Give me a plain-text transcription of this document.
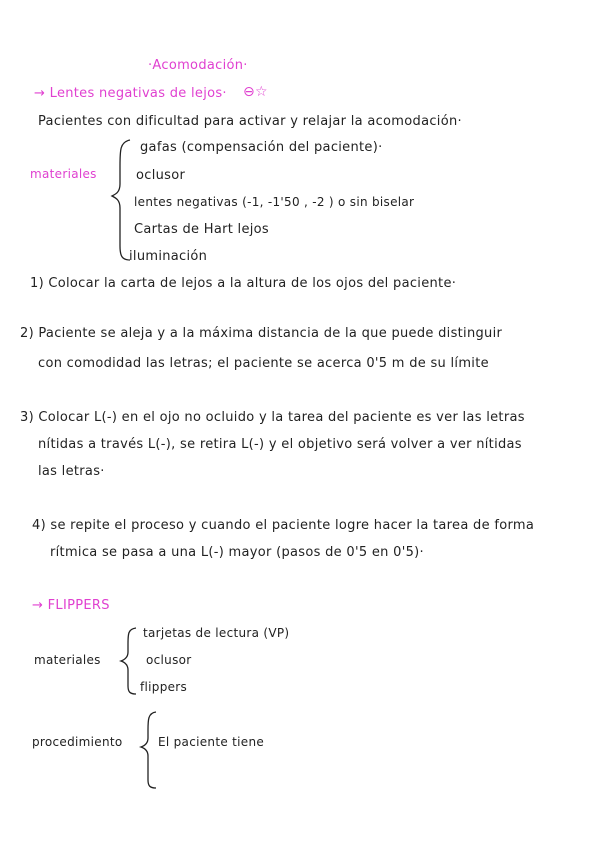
·Acomodación·
→ Lentes negativas de lejos· ⊖☆
Pacientes con dificultad para activar y relajar la acomodación·
materiales
gafas (compensación del paciente)·
oclusor
lentes negativas (-1, -1'50 , -2 ) o sin biselar
Cartas de Hart lejos
iluminación
1) Colocar la carta de lejos a la altura de los ojos del paciente·
2) Paciente se aleja y a la máxima distancia de la que puede distinguir
con comodidad las letras; el paciente se acerca 0'5 m de su límite
3) Colocar L(-) en el ojo no ocluido y la tarea del paciente es ver las letras
nítidas a través L(-), se retira L(-) y el objetivo será volver a ver nítidas
las letras·
4) se repite el proceso y cuando el paciente logre hacer la tarea de forma
rítmica se pasa a una L(-) mayor (pasos de 0'5 en 0'5)·
→ FLIPPERS
materiales
tarjetas de lectura (VP)
oclusor
flippers
procedimiento	El paciente tiene
